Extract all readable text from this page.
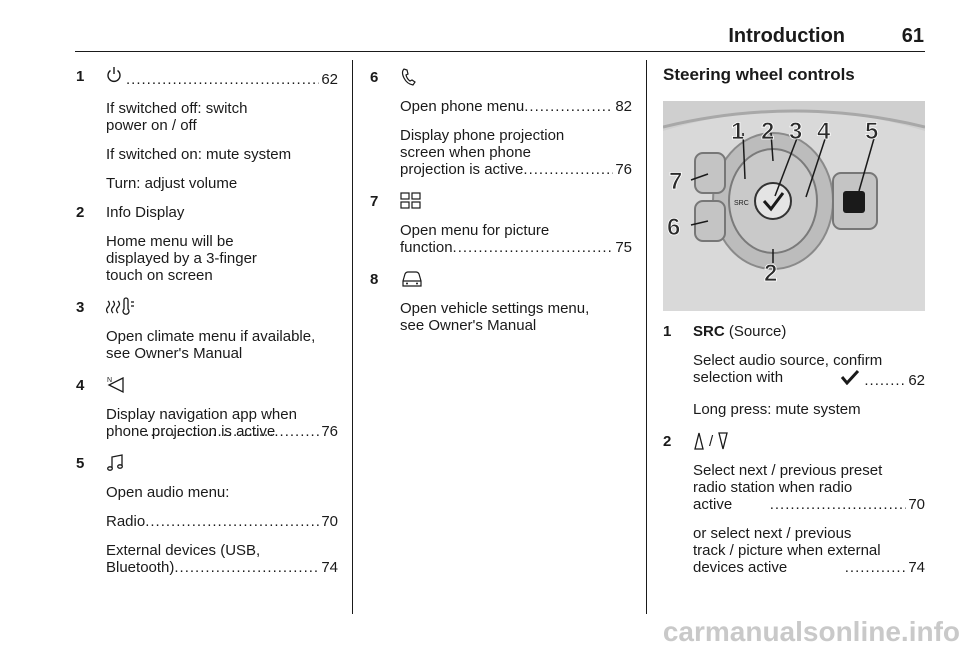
Introduction	61
1 .....	62

If switched off: switch power on / off

If switched on: mute system

Turn: adjust volume

2 Info Display

Home menu will be displayed by a 3-finger touch on screen

3

Open climate menu if available, see Owner's Manual

4	N
Display navigation app when phone projection is active .....	76
5

Open audio menu:

Radio .....	70
External devices (USB, Bluetooth) .....	74
6
Open phone menu .....	82
Display phone projection screen when phone projection is active .....	76
7
Open menu for picture function .....	75
8

Open vehicle settings menu, see Owner's Manual

Steering wheel controls
SRC
1 2 3 4 5
6
7
2
1 SRC (Source)

Select audio source, confirm selection with .....	62

Long press: mute system

2	/
Select next / previous preset radio station when radio active .....	70
or select next / previous track / picture when external devices active .....	74
carmanualsonline.info
